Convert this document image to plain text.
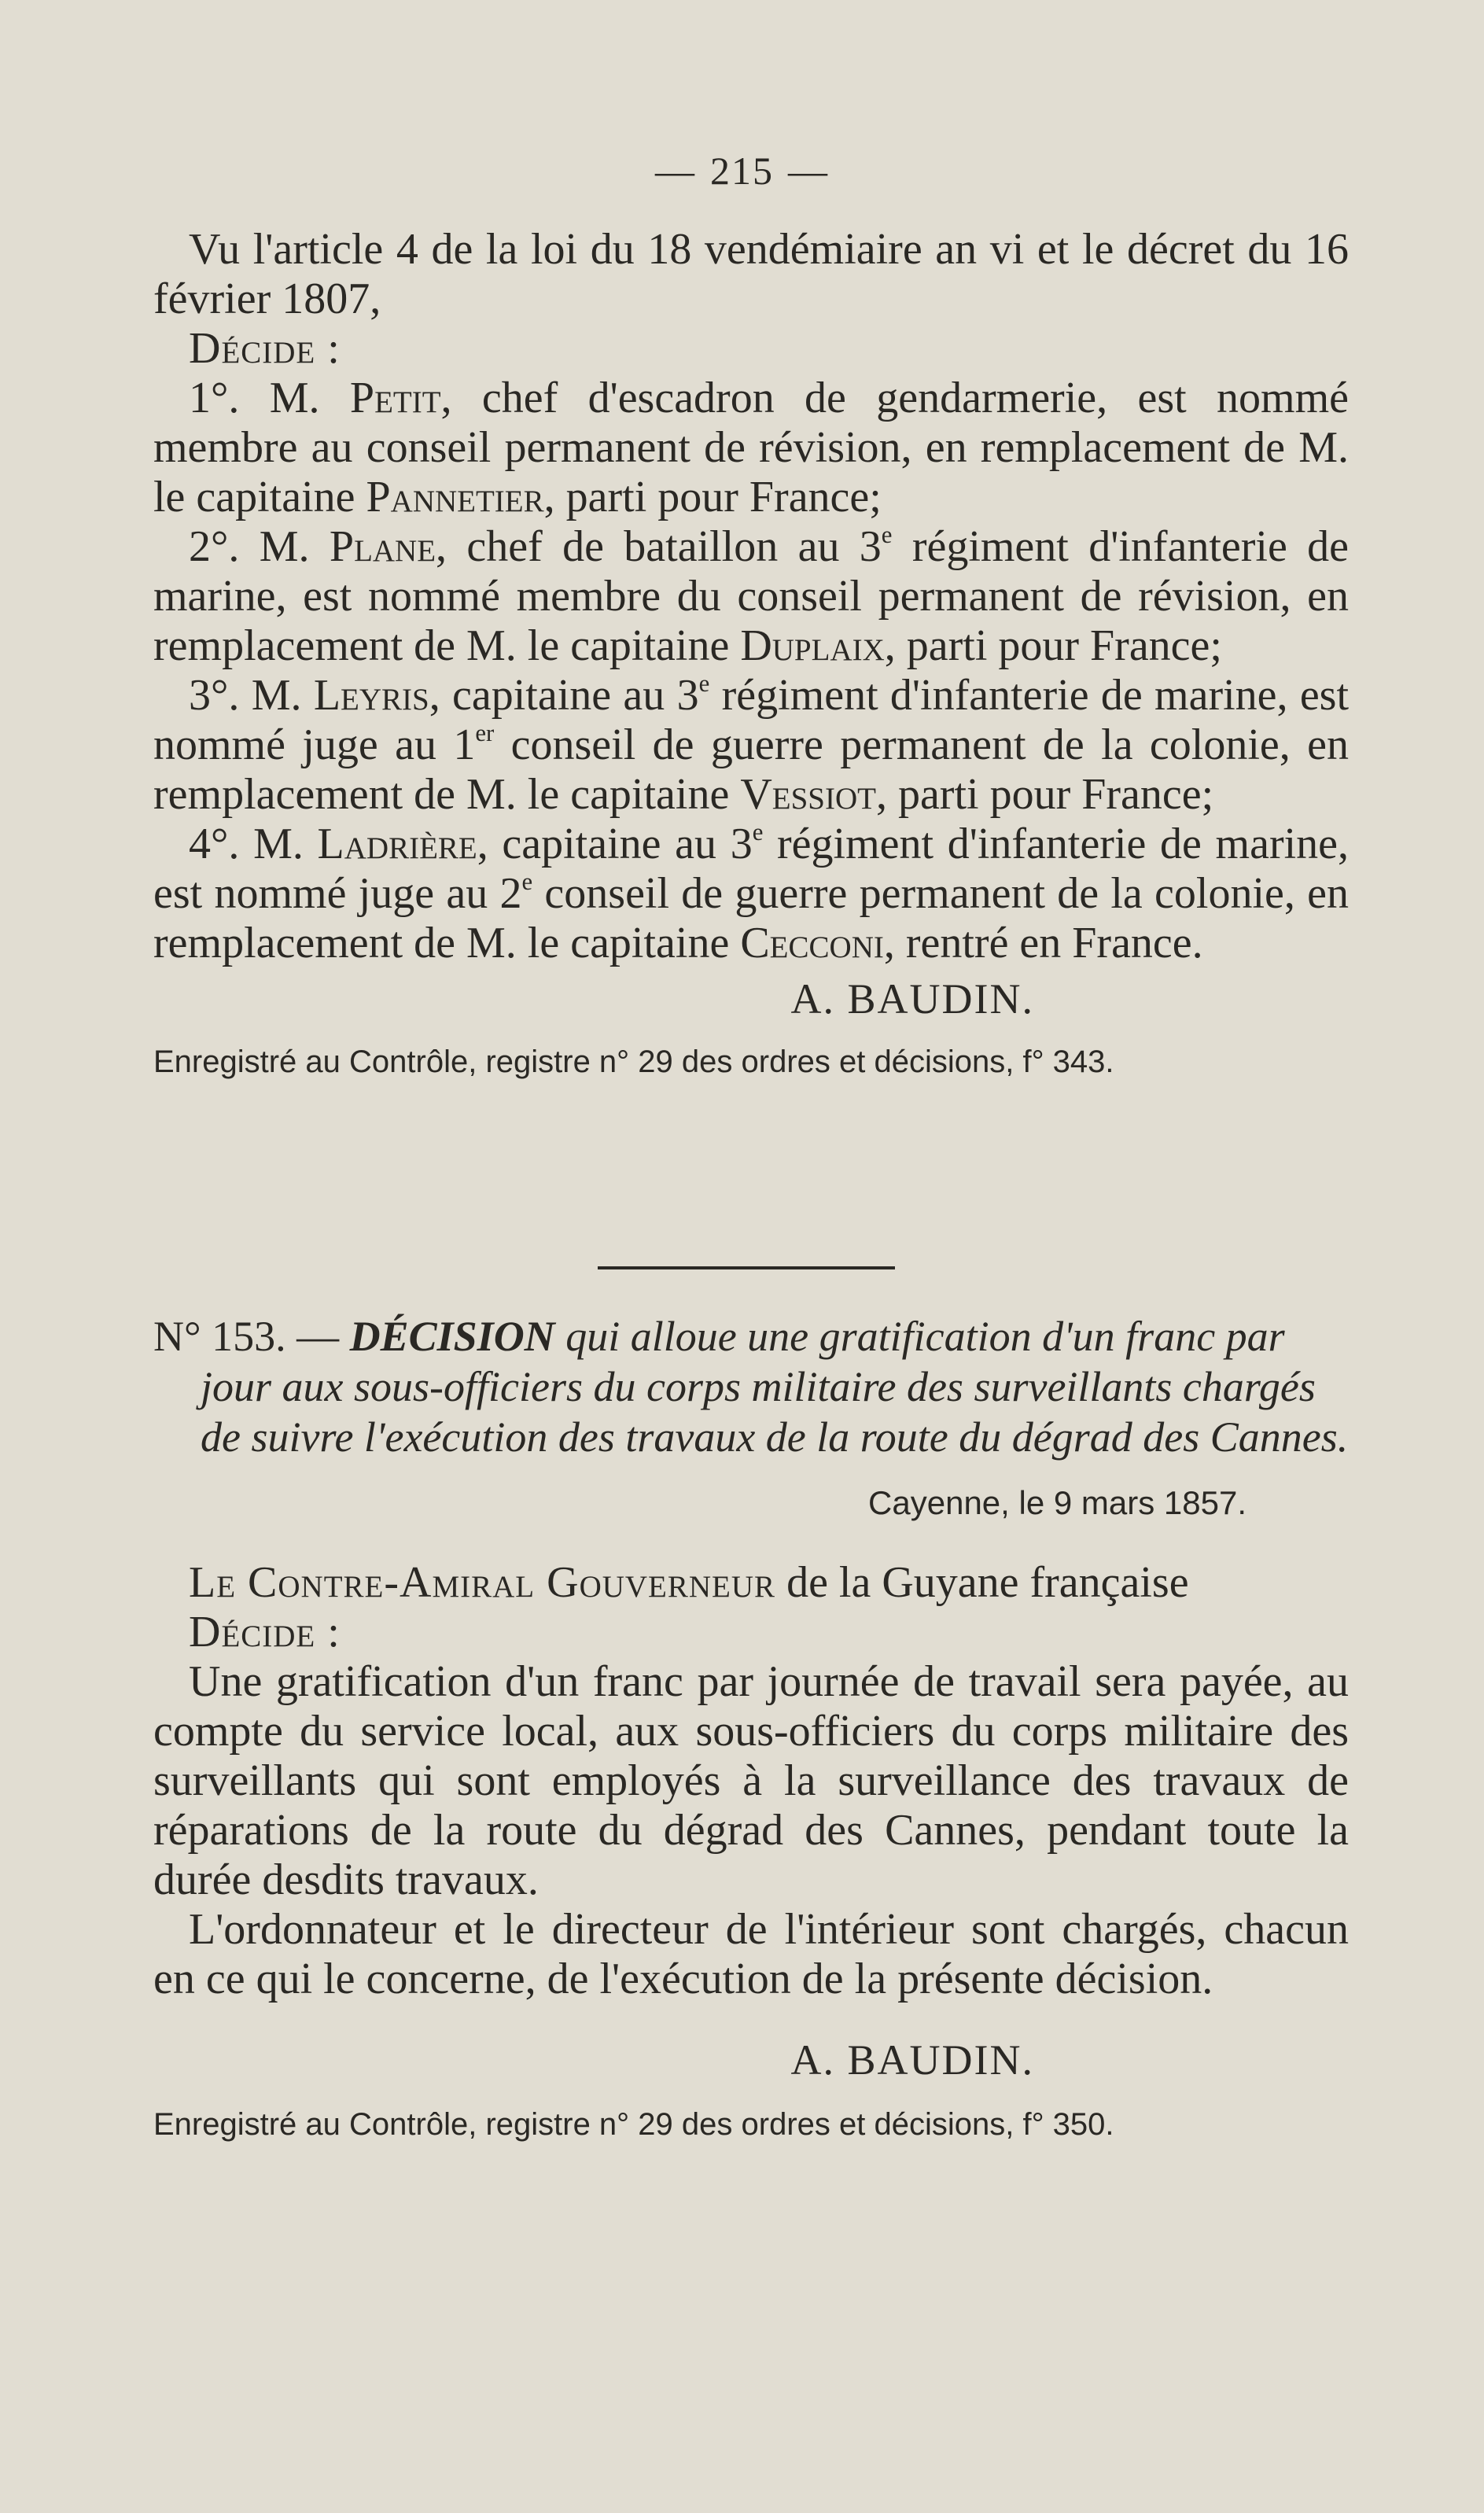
— 215 —

Vu l'article 4 de la loi du 18 vendémiaire an vi et le décret du 16 février 1807,

Décide :

1°. M. Petit, chef d'escadron de gendarmerie, est nommé membre au conseil permanent de révision, en remplacement de M. le capitaine Pannetier, parti pour France;

2°. M. Plane, chef de bataillon au 3e régiment d'infanterie de marine, est nommé membre du conseil permanent de révision, en remplacement de M. le capitaine Duplaix, parti pour France;

3°. M. Leyris, capitaine au 3e régiment d'infanterie de marine, est nommé juge au 1er conseil de guerre permanent de la colonie, en remplacement de M. le capitaine Vessiot, parti pour France;

4°. M. Ladrière, capitaine au 3e régiment d'infanterie de marine, est nommé juge au 2e conseil de guerre permanent de la colonie, en remplacement de M. le capitaine Cecconi, rentré en France.

A. BAUDIN.
Enregistré au Contrôle, registre n° 29 des ordres et décisions, f° 343.

N° 153. — DÉCISION qui alloue une gratification d'un franc par jour aux sous-officiers du corps militaire des surveillants chargés de suivre l'exécution des travaux de la route du dégrad des Cannes.

Cayenne, le 9 mars 1857.

Le Contre-Amiral Gouverneur de la Guyane française

Décide :

Une gratification d'un franc par journée de travail sera payée, au compte du service local, aux sous-officiers du corps militaire des surveillants qui sont employés à la surveillance des travaux de réparations de la route du dégrad des Cannes, pendant toute la durée desdits travaux.

L'ordonnateur et le directeur de l'intérieur sont chargés, chacun en ce qui le concerne, de l'exécution de la présente décision.

A. BAUDIN.
Enregistré au Contrôle, registre n° 29 des ordres et décisions, f° 350.
